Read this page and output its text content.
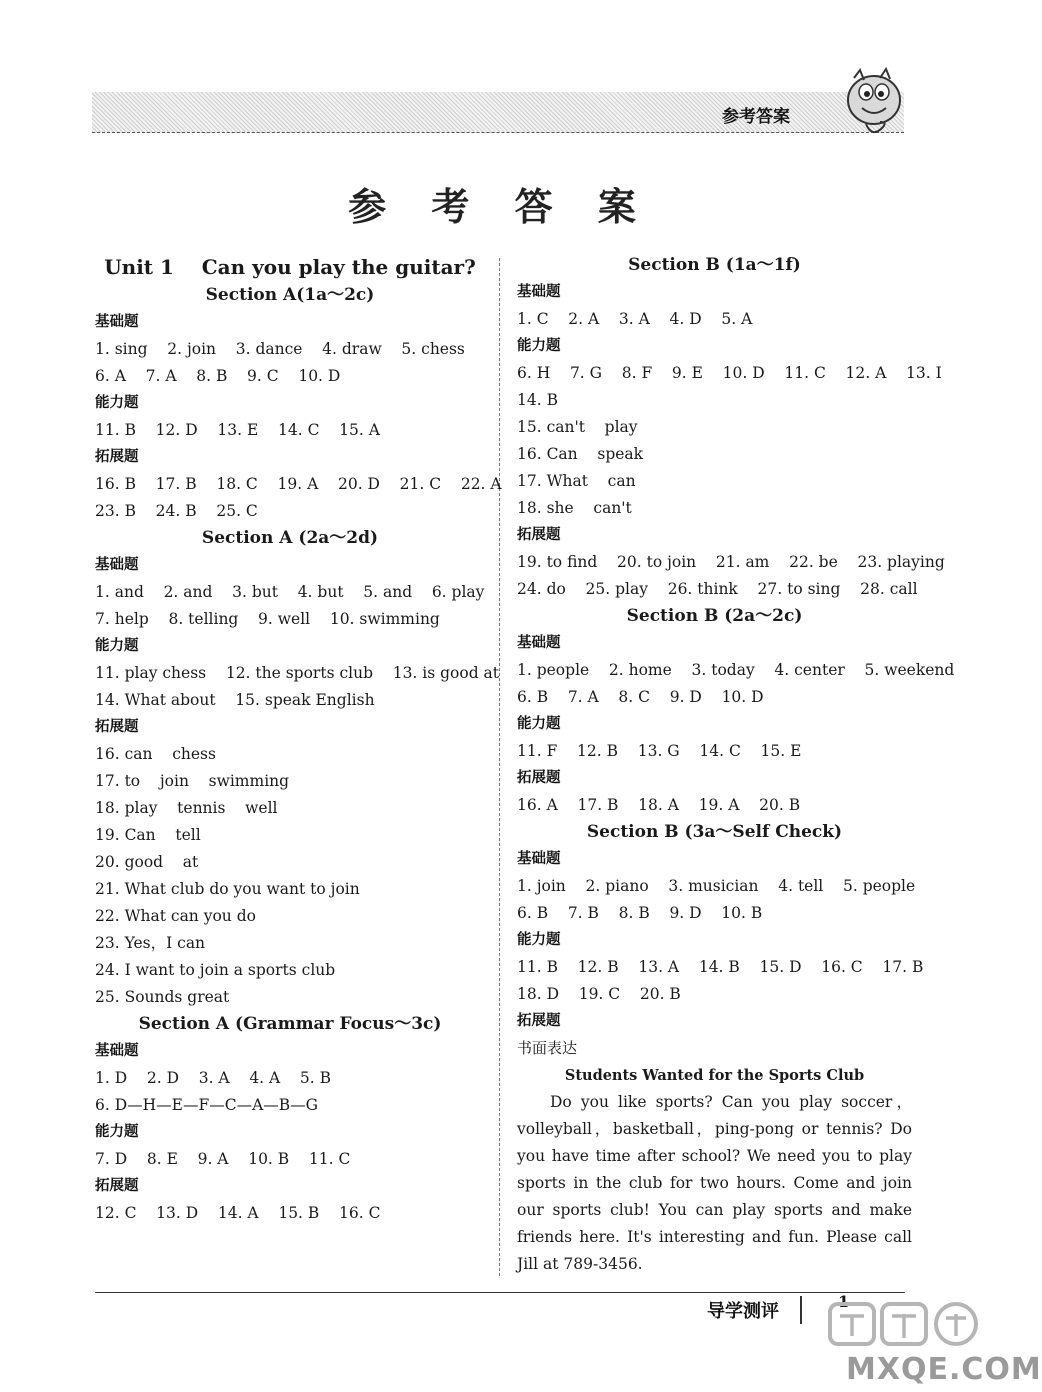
参考答案
参 考 答 案
Unit 1    Can you play the guitar?
Section A(1a～2c)
基础题
1. sing    2. join    3. dance    4. draw    5. chess
6. A    7. A    8. B    9. C    10. D
能力题
11. B    12. D    13. E    14. C    15. A
拓展题
16. B    17. B    18. C    19. A    20. D    21. C    22. A
23. B    24. B    25. C
Section A (2a～2d)
基础题
1. and    2. and    3. but    4. but    5. and    6. play
7. help    8. telling    9. well    10. swimming
能力题
11. play chess    12. the sports club    13. is good at
14. What about    15. speak English
拓展题
16. can    chess
17. to    join    swimming
18. play    tennis    well
19. Can    tell
20. good    at
21. What club do you want to join
22. What can you do
23. Yes，I can
24. I want to join a sports club
25. Sounds great
Section A (Grammar Focus～3c)
基础题
1. D    2. D    3. A    4. A    5. B
6. D—H—E—F—C—A—B—G
能力题
7. D    8. E    9. A    10. B    11. C
拓展题
12. C    13. D    14. A    15. B    16. C
Section B (1a～1f)
基础题
1. C    2. A    3. A    4. D    5. A
能力题
6. H    7. G    8. F    9. E    10. D    11. C    12. A    13. I
14. B
15. can't    play
16. Can    speak
17. What    can
18. she    can't
拓展题
19. to find    20. to join    21. am    22. be    23. playing
24. do    25. play    26. think    27. to sing    28. call
Section B (2a～2c)
基础题
1. people    2. home    3. today    4. center    5. weekend
6. B    7. A    8. C    9. D    10. D
能力题
11. F    12. B    13. G    14. C    15. E
拓展题
16. A    17. B    18. A    19. A    20. B
Section B (3a～Self Check)
基础题
1. join    2. piano    3. musician    4. tell    5. people
6. B    7. B    8. B    9. D    10. B
能力题
11. B    12. B    13. A    14. B    15. D    16. C    17. B
18. D    19. C    20. B
拓展题
书面表达
Students Wanted for the Sports Club
Do you like sports? Can you play soccer，volleyball，basketball，ping-pong or tennis? Do you have time after school? We need you to play sports in the club for two hours. Come and join our sports club! You can play sports and make friends here. It's interesting and fun. Please call Jill at 789-3456.
导学测评	1
MXQE.COM
